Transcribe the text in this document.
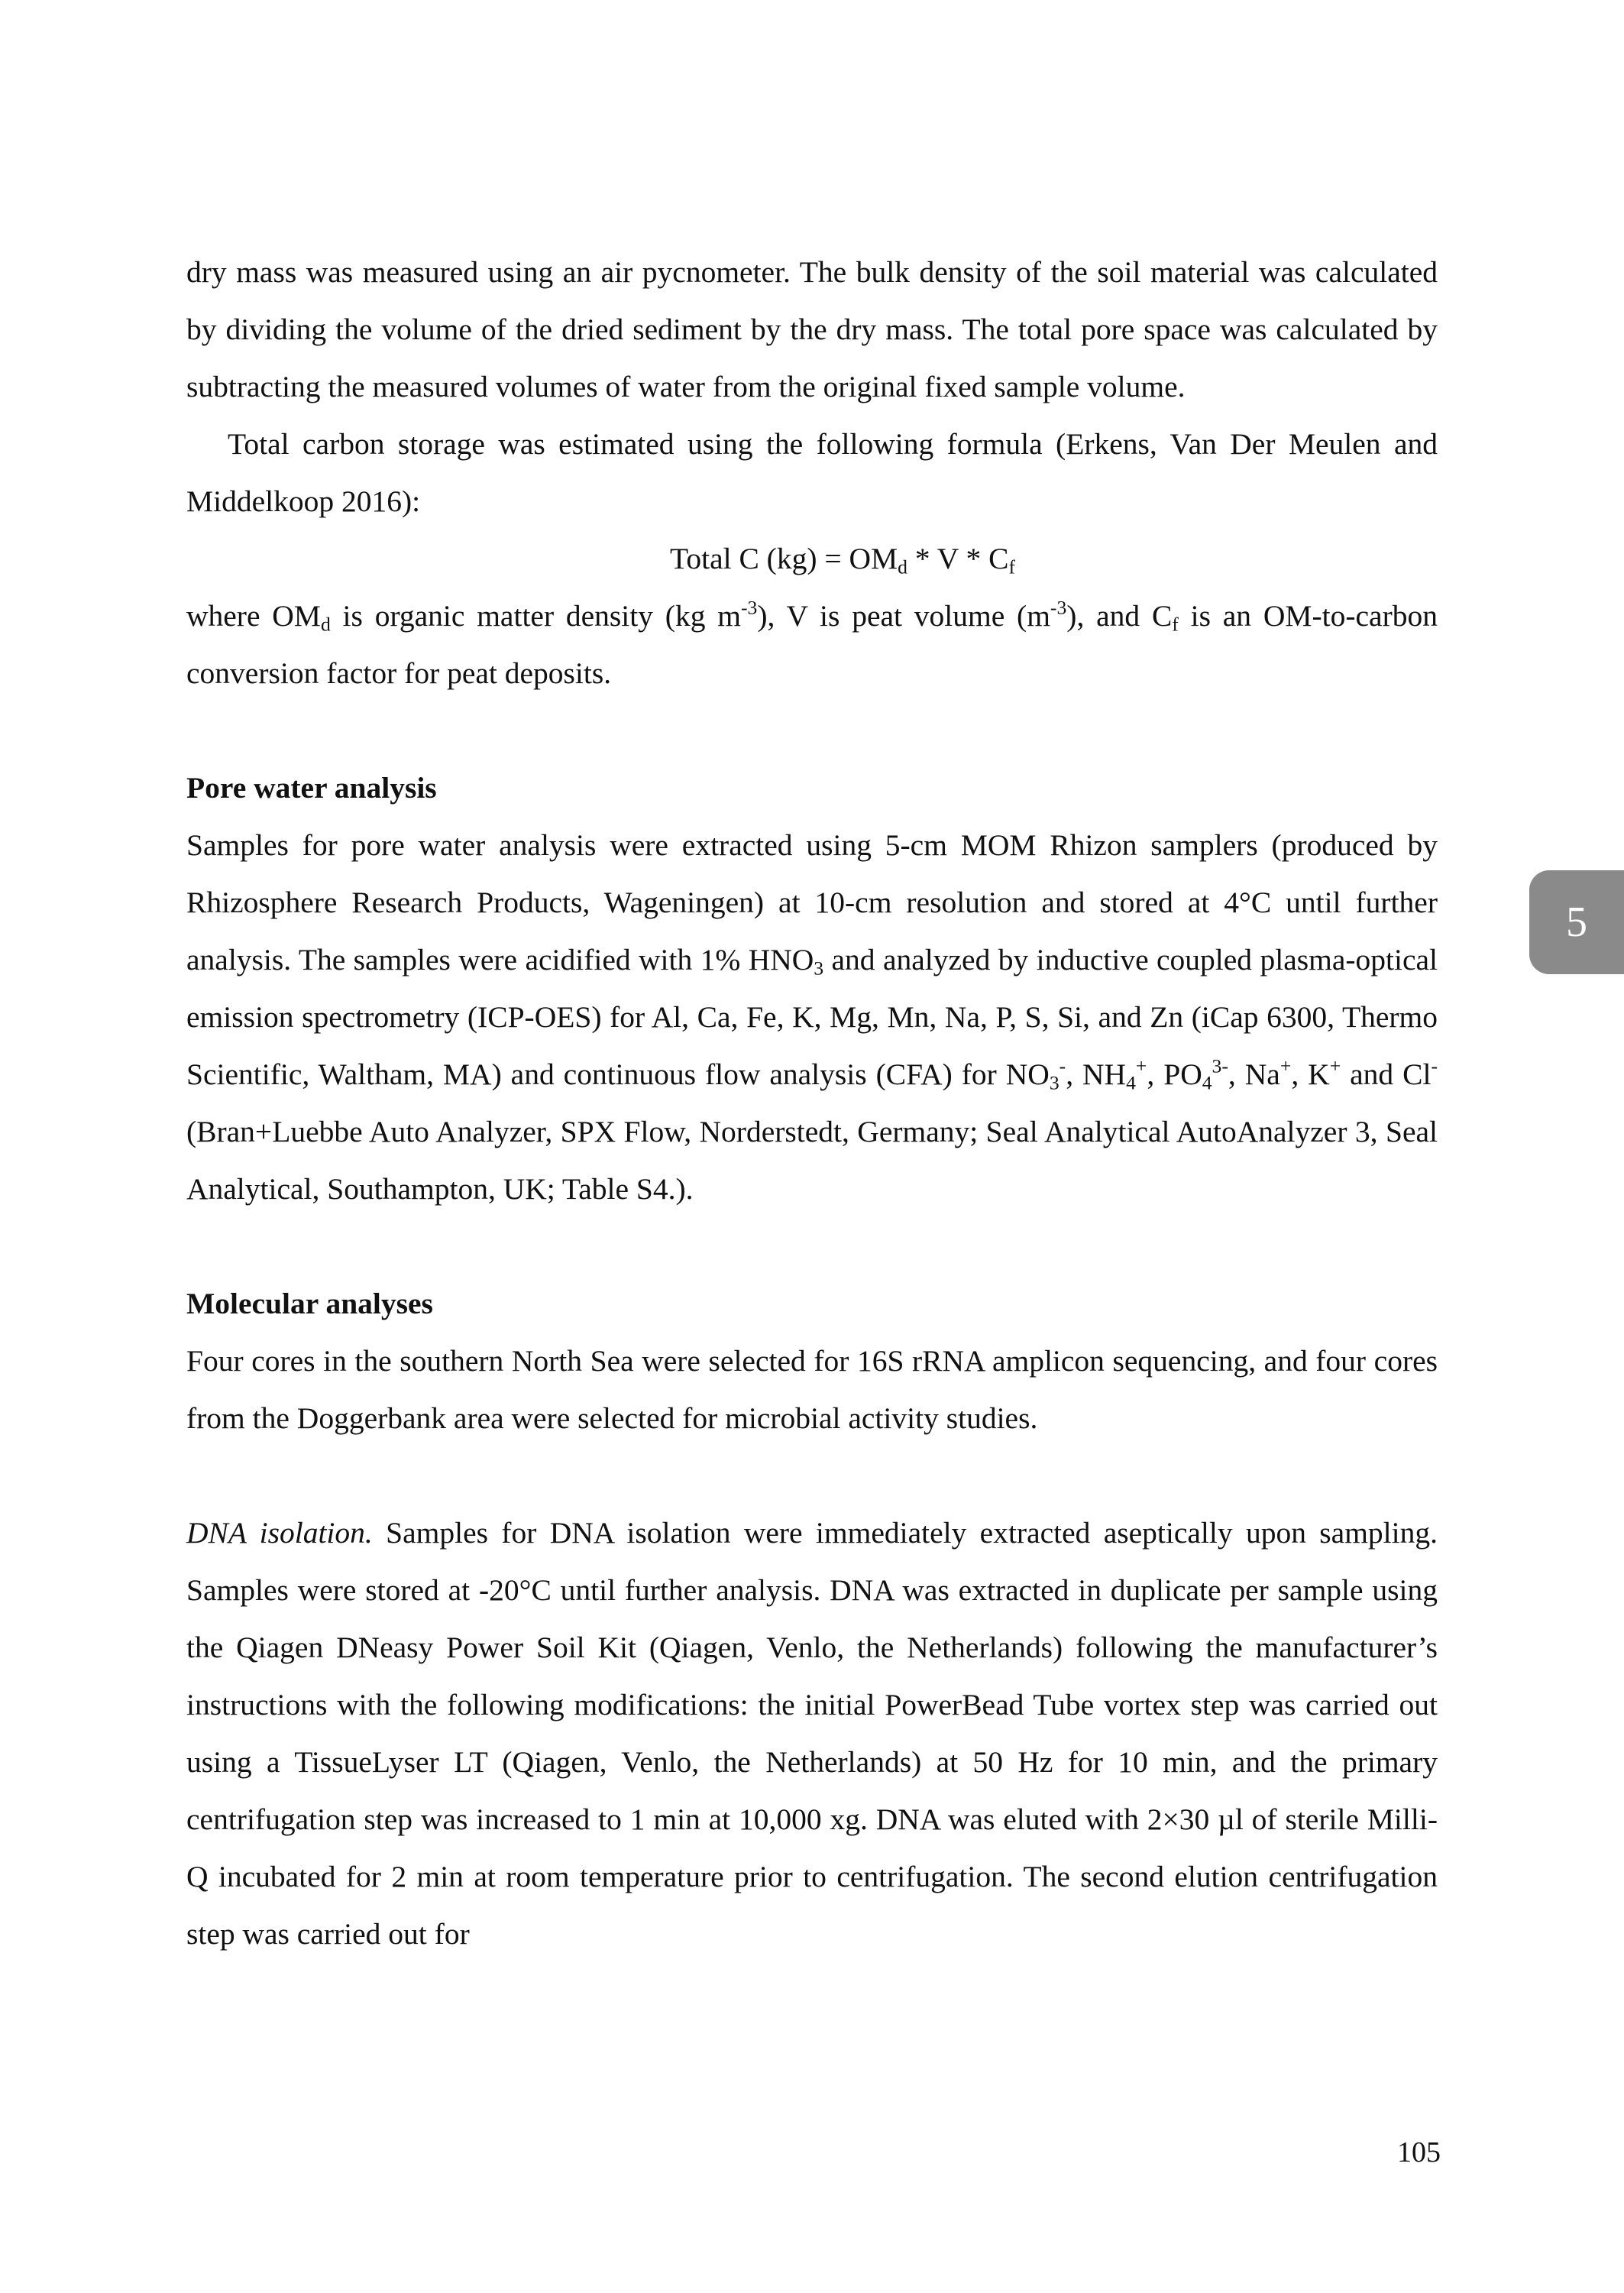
dry mass was measured using an air pycnometer. The bulk density of the soil material was calculated by dividing the volume of the dried sediment by the dry mass. The total pore space was calculated by subtracting the measured volumes of water from the original fixed sample volume.

Total carbon storage was estimated using the following formula (Erkens, Van Der Meulen and Middelkoop 2016):

Total C $(kg) = OM_d * V * C_f$

where $OM_d$ is organic matter density (kg $m^{-3}$), V is peat volume $(m^{-3})$, and $C_f$ is an OM-to-carbon conversion factor for peat deposits.

Pore water analysis

Samples for pore water analysis were extracted using 5-cm MOM Rhizon samplers (produced by Rhizosphere Research Products, Wageningen) at 10-cm resolution and stored at 4°C until further analysis. The samples were acidified with 1% $HNO_3$ and analyzed by inductive coupled plasma-optical emission spectrometry (ICP-OES) for Al, Ca, Fe, K, Mg, Mn, Na, P, S, Si, and Zn (iCap 6300, Thermo Scientific, Waltham, MA) and continuous flow analysis (CFA) for $NO_3^-$, $NH_4^+$, $PO_4^{3-}$, Na+, K+ and Cl- (Bran+Luebbe Auto Analyzer, SPX Flow, Norderstedt, Germany; Seal Analytical AutoAnalyzer 3, Seal Analytical, Southampton, UK; Table S4.).

Molecular analyses

Four cores in the southern North Sea were selected for 16S rRNA amplicon sequencing, and four cores from the Doggerbank area were selected for microbial activity studies.

DNA isolation. Samples for DNA isolation were immediately extracted aseptically upon sampling. Samples were stored at -20°C until further analysis. DNA was extracted in duplicate per sample using the Qiagen DNeasy Power Soil Kit (Qiagen, Venlo, the Netherlands) following the manufacturer’s instructions with the following modifications: the initial PowerBead Tube vortex step was carried out using a TissueLyser LT (Qiagen, Venlo, the Netherlands) at 50 Hz for 10 min, and the primary centrifugation step was increased to 1 min at 10,000 xg. DNA was eluted with 2×30 µl of sterile Milli-Q incubated for 2 min at room temperature prior to centrifugation. The second elution centrifugation step was carried out for

5
105
